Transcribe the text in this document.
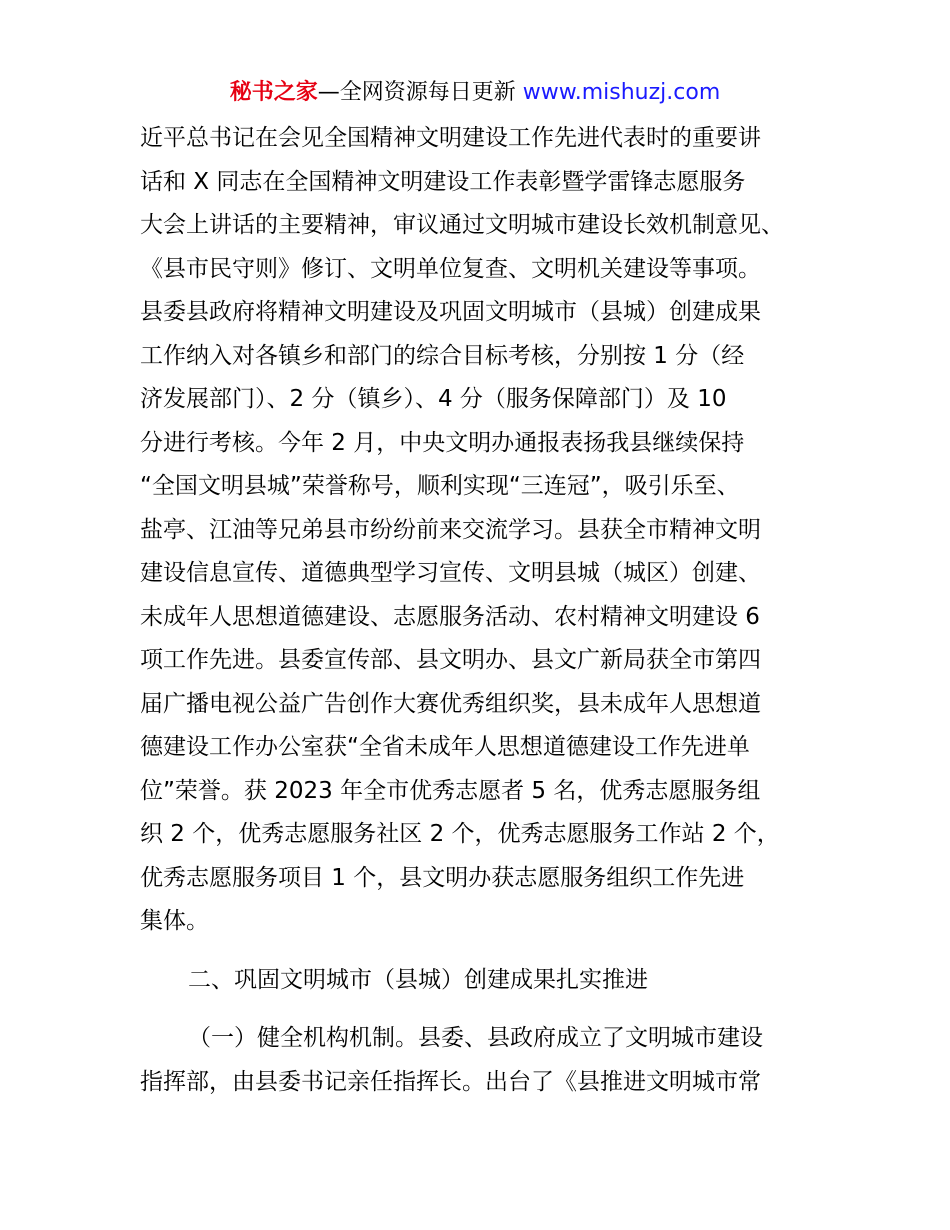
秘书之家—全网资源每日更新 www.mishuzj.com
近平总书记在会见全国精神文明建设工作先进代表时的重要讲
话和 X 同志在全国精神文明建设工作表彰暨学雷锋志愿服务
大会上讲话的主要精神，审议通过文明城市建设长效机制意见、
《县市民守则》修订、文明单位复查、文明机关建设等事项。
县委县政府将精神文明建设及巩固文明城市（县城）创建成果
工作纳入对各镇乡和部门的综合目标考核，分别按 1 分（经
济发展部门）、2 分（镇乡）、4 分（服务保障部门）及 10
分进行考核。今年 2 月，中央文明办通报表扬我县继续保持
“全国文明县城”荣誉称号，顺利实现“三连冠”，吸引乐至、
盐亭、江油等兄弟县市纷纷前来交流学习。县获全市精神文明
建设信息宣传、道德典型学习宣传、文明县城（城区）创建、
未成年人思想道德建设、志愿服务活动、农村精神文明建设 6
项工作先进。县委宣传部、县文明办、县文广新局获全市第四
届广播电视公益广告创作大赛优秀组织奖，县未成年人思想道
德建设工作办公室获“全省未成年人思想道德建设工作先进单
位”荣誉。获 2023 年全市优秀志愿者 5 名，优秀志愿服务组
织 2 个，优秀志愿服务社区 2 个，优秀志愿服务工作站 2 个，
优秀志愿服务项目 1 个，县文明办获志愿服务组织工作先进
集体。
二、巩固文明城市（县城）创建成果扎实推进
（一）健全机构机制。县委、县政府成立了文明城市建设
指挥部，由县委书记亲任指挥长。出台了《县推进文明城市常
